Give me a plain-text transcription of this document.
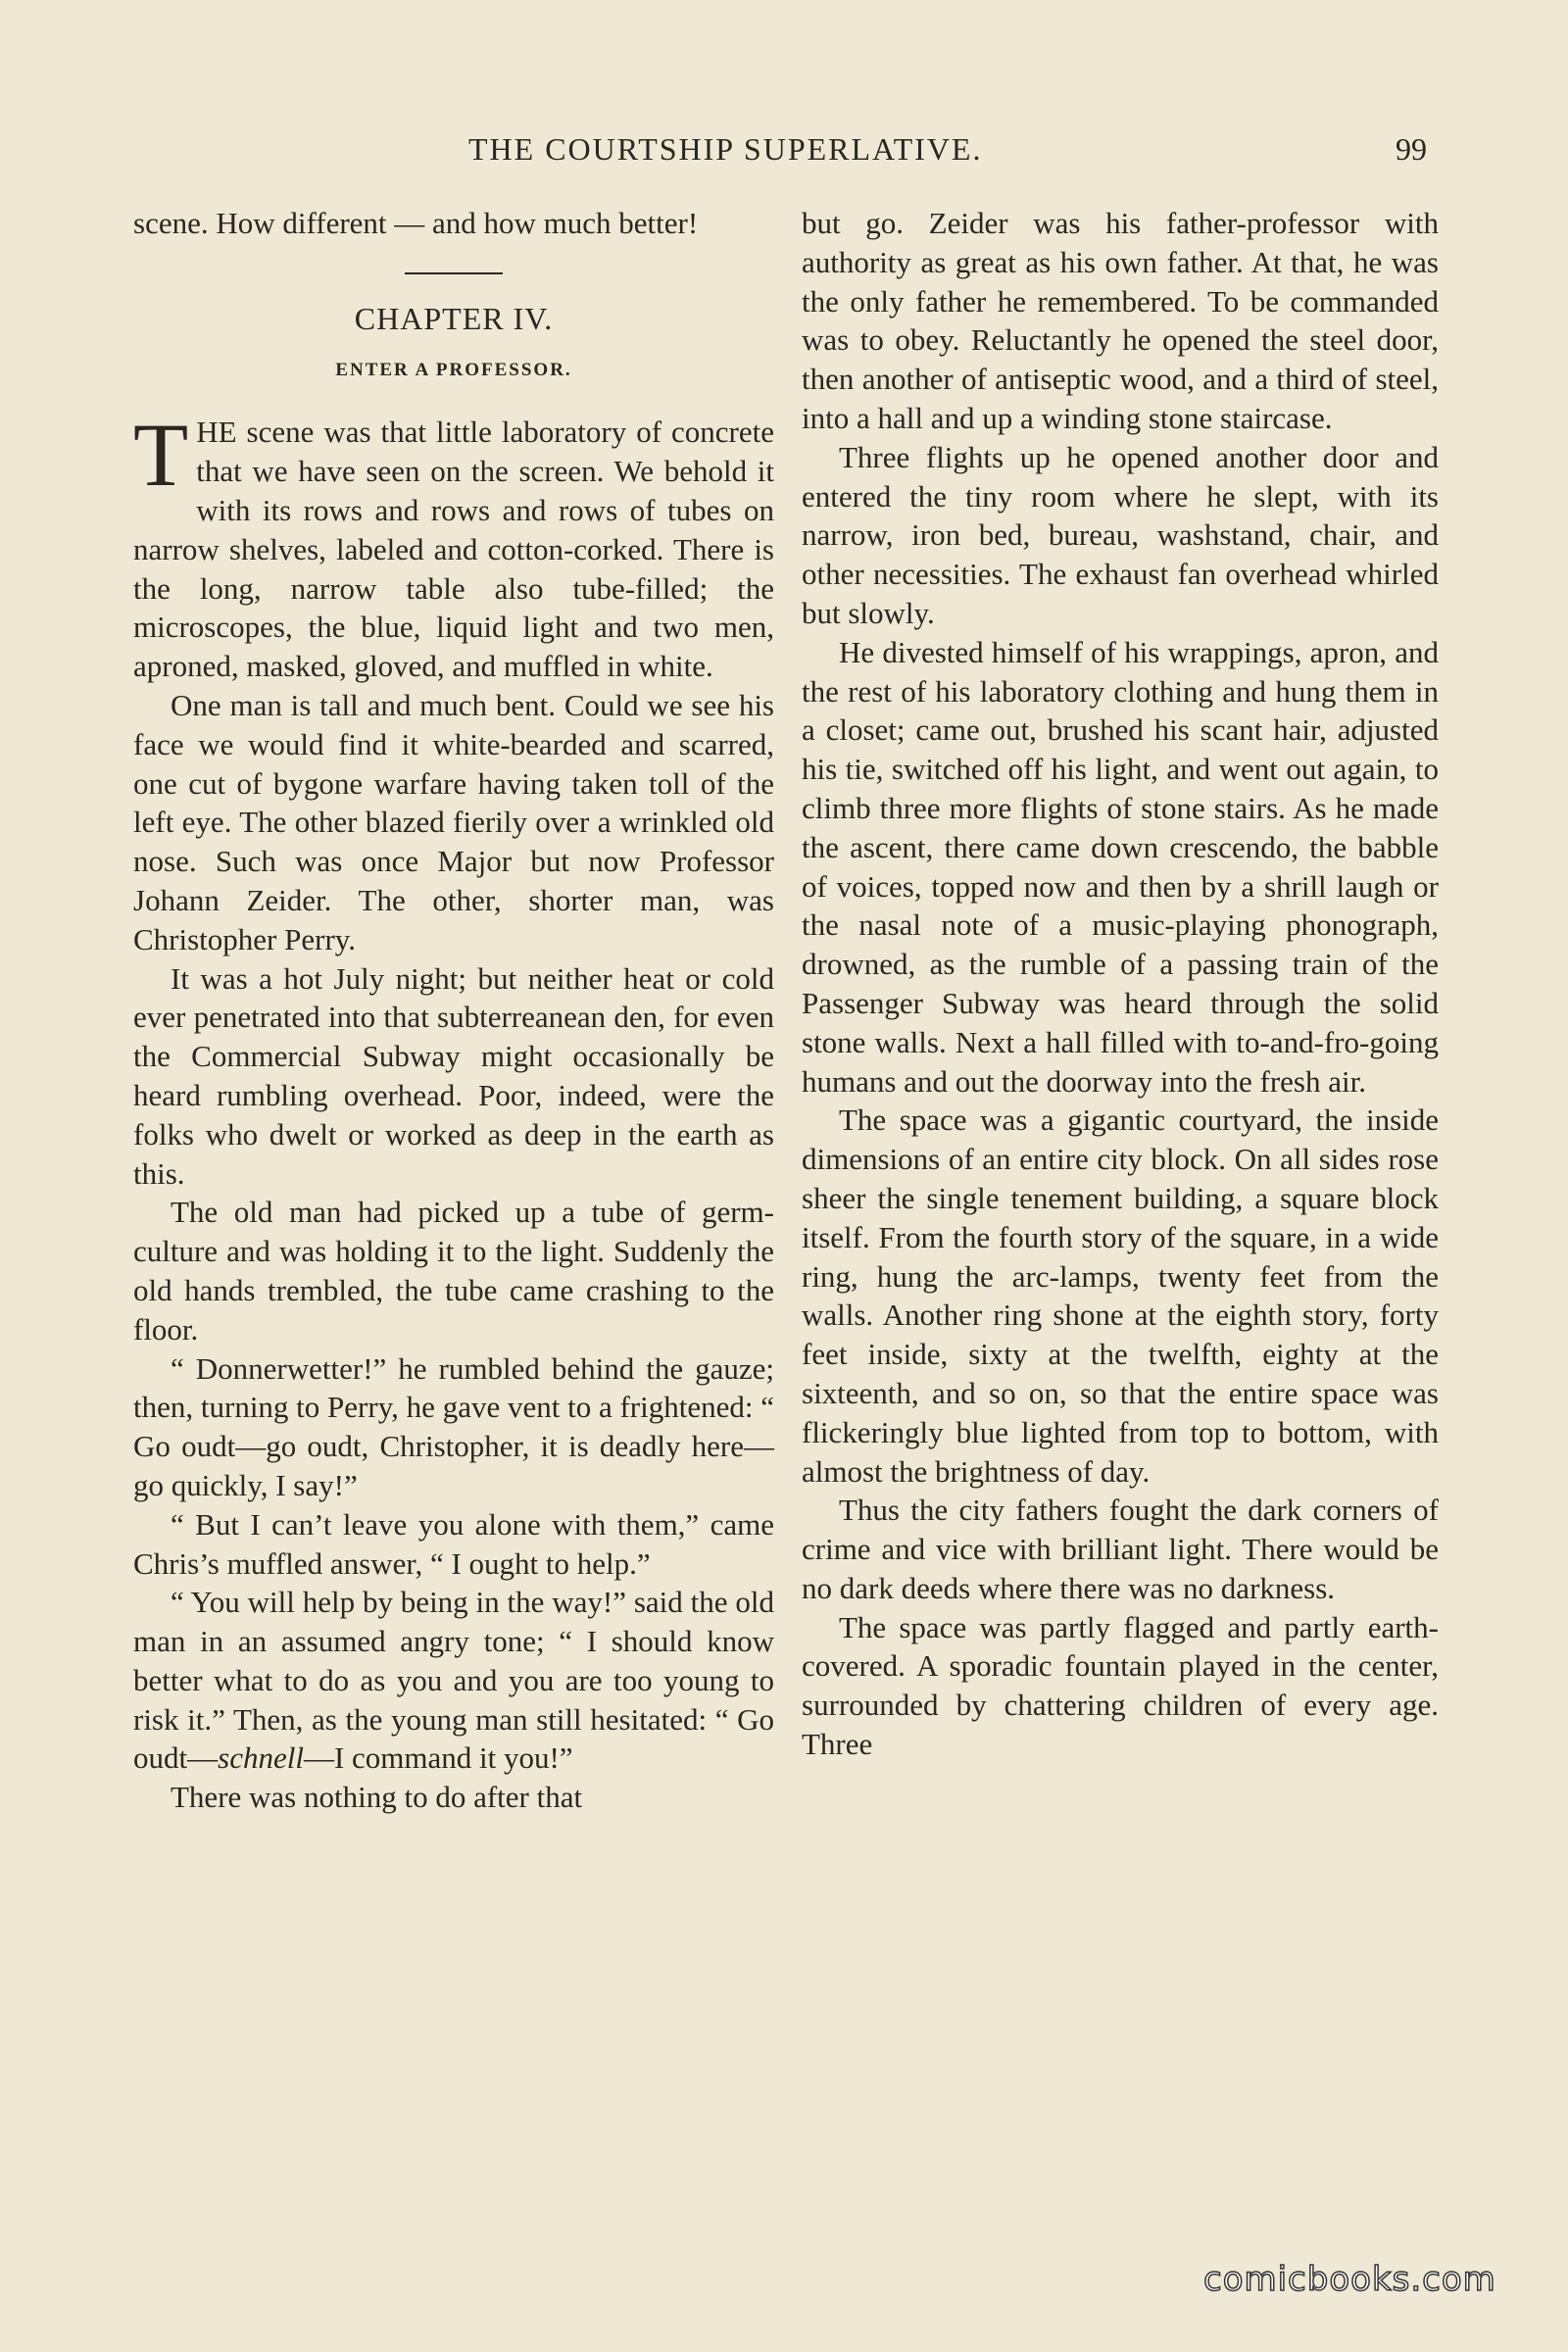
THE COURTSHIP SUPERLATIVE.	99

scene. How different — and how much better!

CHAPTER IV.
ENTER A PROFESSOR.

THE scene was that little laboratory of concrete that we have seen on the screen. We behold it with its rows and rows and rows of tubes on narrow shelves, labeled and cotton-corked. There is the long, narrow table also tube-filled; the microscopes, the blue, liquid light and two men, aproned, masked, gloved, and muffled in white.

One man is tall and much bent. Could we see his face we would find it white-bearded and scarred, one cut of bygone warfare having taken toll of the left eye. The other blazed fierily over a wrinkled old nose. Such was once Major but now Professor Johann Zeider. The other, shorter man, was Christopher Perry.

It was a hot July night; but neither heat or cold ever penetrated into that subterreanean den, for even the Commercial Subway might occasionally be heard rumbling overhead. Poor, indeed, were the folks who dwelt or worked as deep in the earth as this.

The old man had picked up a tube of germ-culture and was holding it to the light. Suddenly the old hands trembled, the tube came crashing to the floor.

“ Donnerwetter!” he rumbled behind the gauze; then, turning to Perry, he gave vent to a frightened: “ Go oudt—go oudt, Christopher, it is deadly here—go quickly, I say!”

“ But I can’t leave you alone with them,” came Chris’s muffled answer, “ I ought to help.”

“ You will help by being in the way!” said the old man in an assumed angry tone; “ I should know better what to do as you and you are too young to risk it.” Then, as the young man still hesitated: “ Go oudt—schnell—I command it you!”

There was nothing to do after that

but go. Zeider was his father-professor with authority as great as his own father. At that, he was the only father he remembered. To be commanded was to obey. Reluctantly he opened the steel door, then another of antiseptic wood, and a third of steel, into a hall and up a winding stone staircase.

Three flights up he opened another door and entered the tiny room where he slept, with its narrow, iron bed, bureau, washstand, chair, and other necessities. The exhaust fan overhead whirled but slowly.

He divested himself of his wrappings, apron, and the rest of his laboratory clothing and hung them in a closet; came out, brushed his scant hair, adjusted his tie, switched off his light, and went out again, to climb three more flights of stone stairs. As he made the ascent, there came down crescendo, the babble of voices, topped now and then by a shrill laugh or the nasal note of a music-playing phonograph, drowned, as the rumble of a passing train of the Passenger Subway was heard through the solid stone walls. Next a hall filled with to-and-fro-going humans and out the doorway into the fresh air.

The space was a gigantic courtyard, the inside dimensions of an entire city block. On all sides rose sheer the single tenement building, a square block itself. From the fourth story of the square, in a wide ring, hung the arc-lamps, twenty feet from the walls. Another ring shone at the eighth story, forty feet inside, sixty at the twelfth, eighty at the sixteenth, and so on, so that the entire space was flickeringly blue lighted from top to bottom, with almost the brightness of day.

Thus the city fathers fought the dark corners of crime and vice with brilliant light. There would be no dark deeds where there was no darkness.

The space was partly flagged and partly earth-covered. A sporadic fountain played in the center, surrounded by chattering children of every age. Three

comicbooks.com
